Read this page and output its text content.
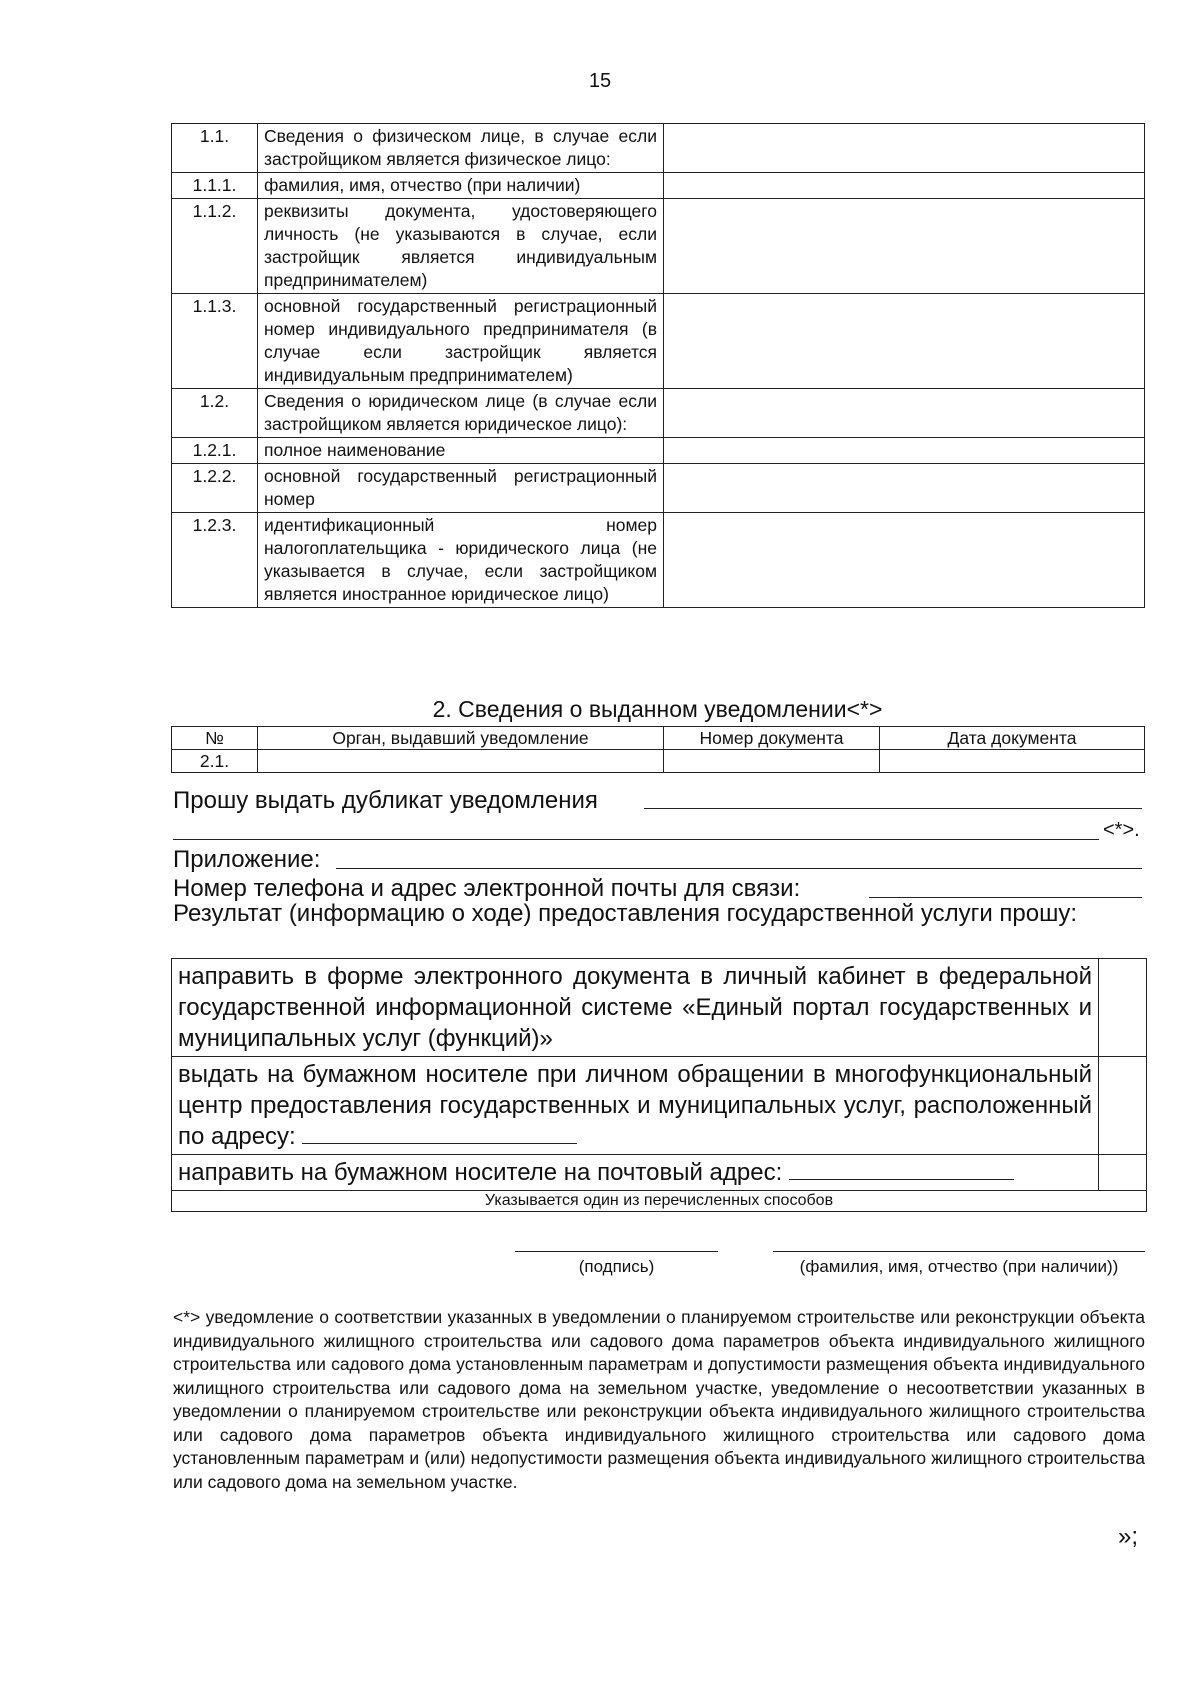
15
1.1.	Сведения о физическом лице, в случае если застройщиком является физическое лицо:	
1.1.1.	фамилия, имя, отчество (при наличии)	
1.1.2.	реквизиты документа, удостоверяющего личность (не указываются в случае, если застройщик является индивидуальным предпринимателем)	
1.1.3.	основной государственный регистрационный номер индивидуального предпринимателя (в случае если застройщик является индивидуальным предпринимателем)	
1.2.	Сведения о юридическом лице (в случае если застройщиком является юридическое лицо):	
1.2.1.	полное наименование	
1.2.2.	основной государственный регистрационный номер	
1.2.3.	идентификационный номер налогоплательщика - юридического лица (не указывается в случае, если застройщиком является иностранное юридическое лицо)	
2. Сведения о выданном уведомлении<*>
№	Орган, выдавший уведомление	Номер документа	Дата документа
2.1.			
Прошу выдать дубликат уведомления
<*>.
Приложение:
Номер телефона и адрес электронной почты для связи:
Результат (информацию о ходе) предоставления государственной услуги прошу:
направить в форме электронного документа в личный кабинет в федеральной государственной информационной системе «Единый портал государственных и муниципальных услуг (функций)»	
выдать на бумажном носителе при личном обращении в многофункциональный центр предоставления государственных и муниципальных услуг, расположенный по адресу:	
направить на бумажном носителе на почтовый адрес:	
Указывается один из перечисленных способов	
(подпись)	(фамилия, имя, отчество (при наличии))
<*> уведомление о соответствии указанных в уведомлении о планируемом строительстве или реконструкции объекта индивидуального жилищного строительства или садового дома параметров объекта индивидуального жилищного строительства или садового дома установленным параметрам и допустимости размещения объекта индивидуального жилищного строительства или садового дома на земельном участке, уведомление о несоответствии указанных в уведомлении о планируемом строительстве или реконструкции объекта индивидуального жилищного строительства или садового дома параметров объекта индивидуального жилищного строительства или садового дома установленным параметрам и (или) недопустимости размещения объекта индивидуального жилищного строительства или садового дома на земельном участке.
»;
